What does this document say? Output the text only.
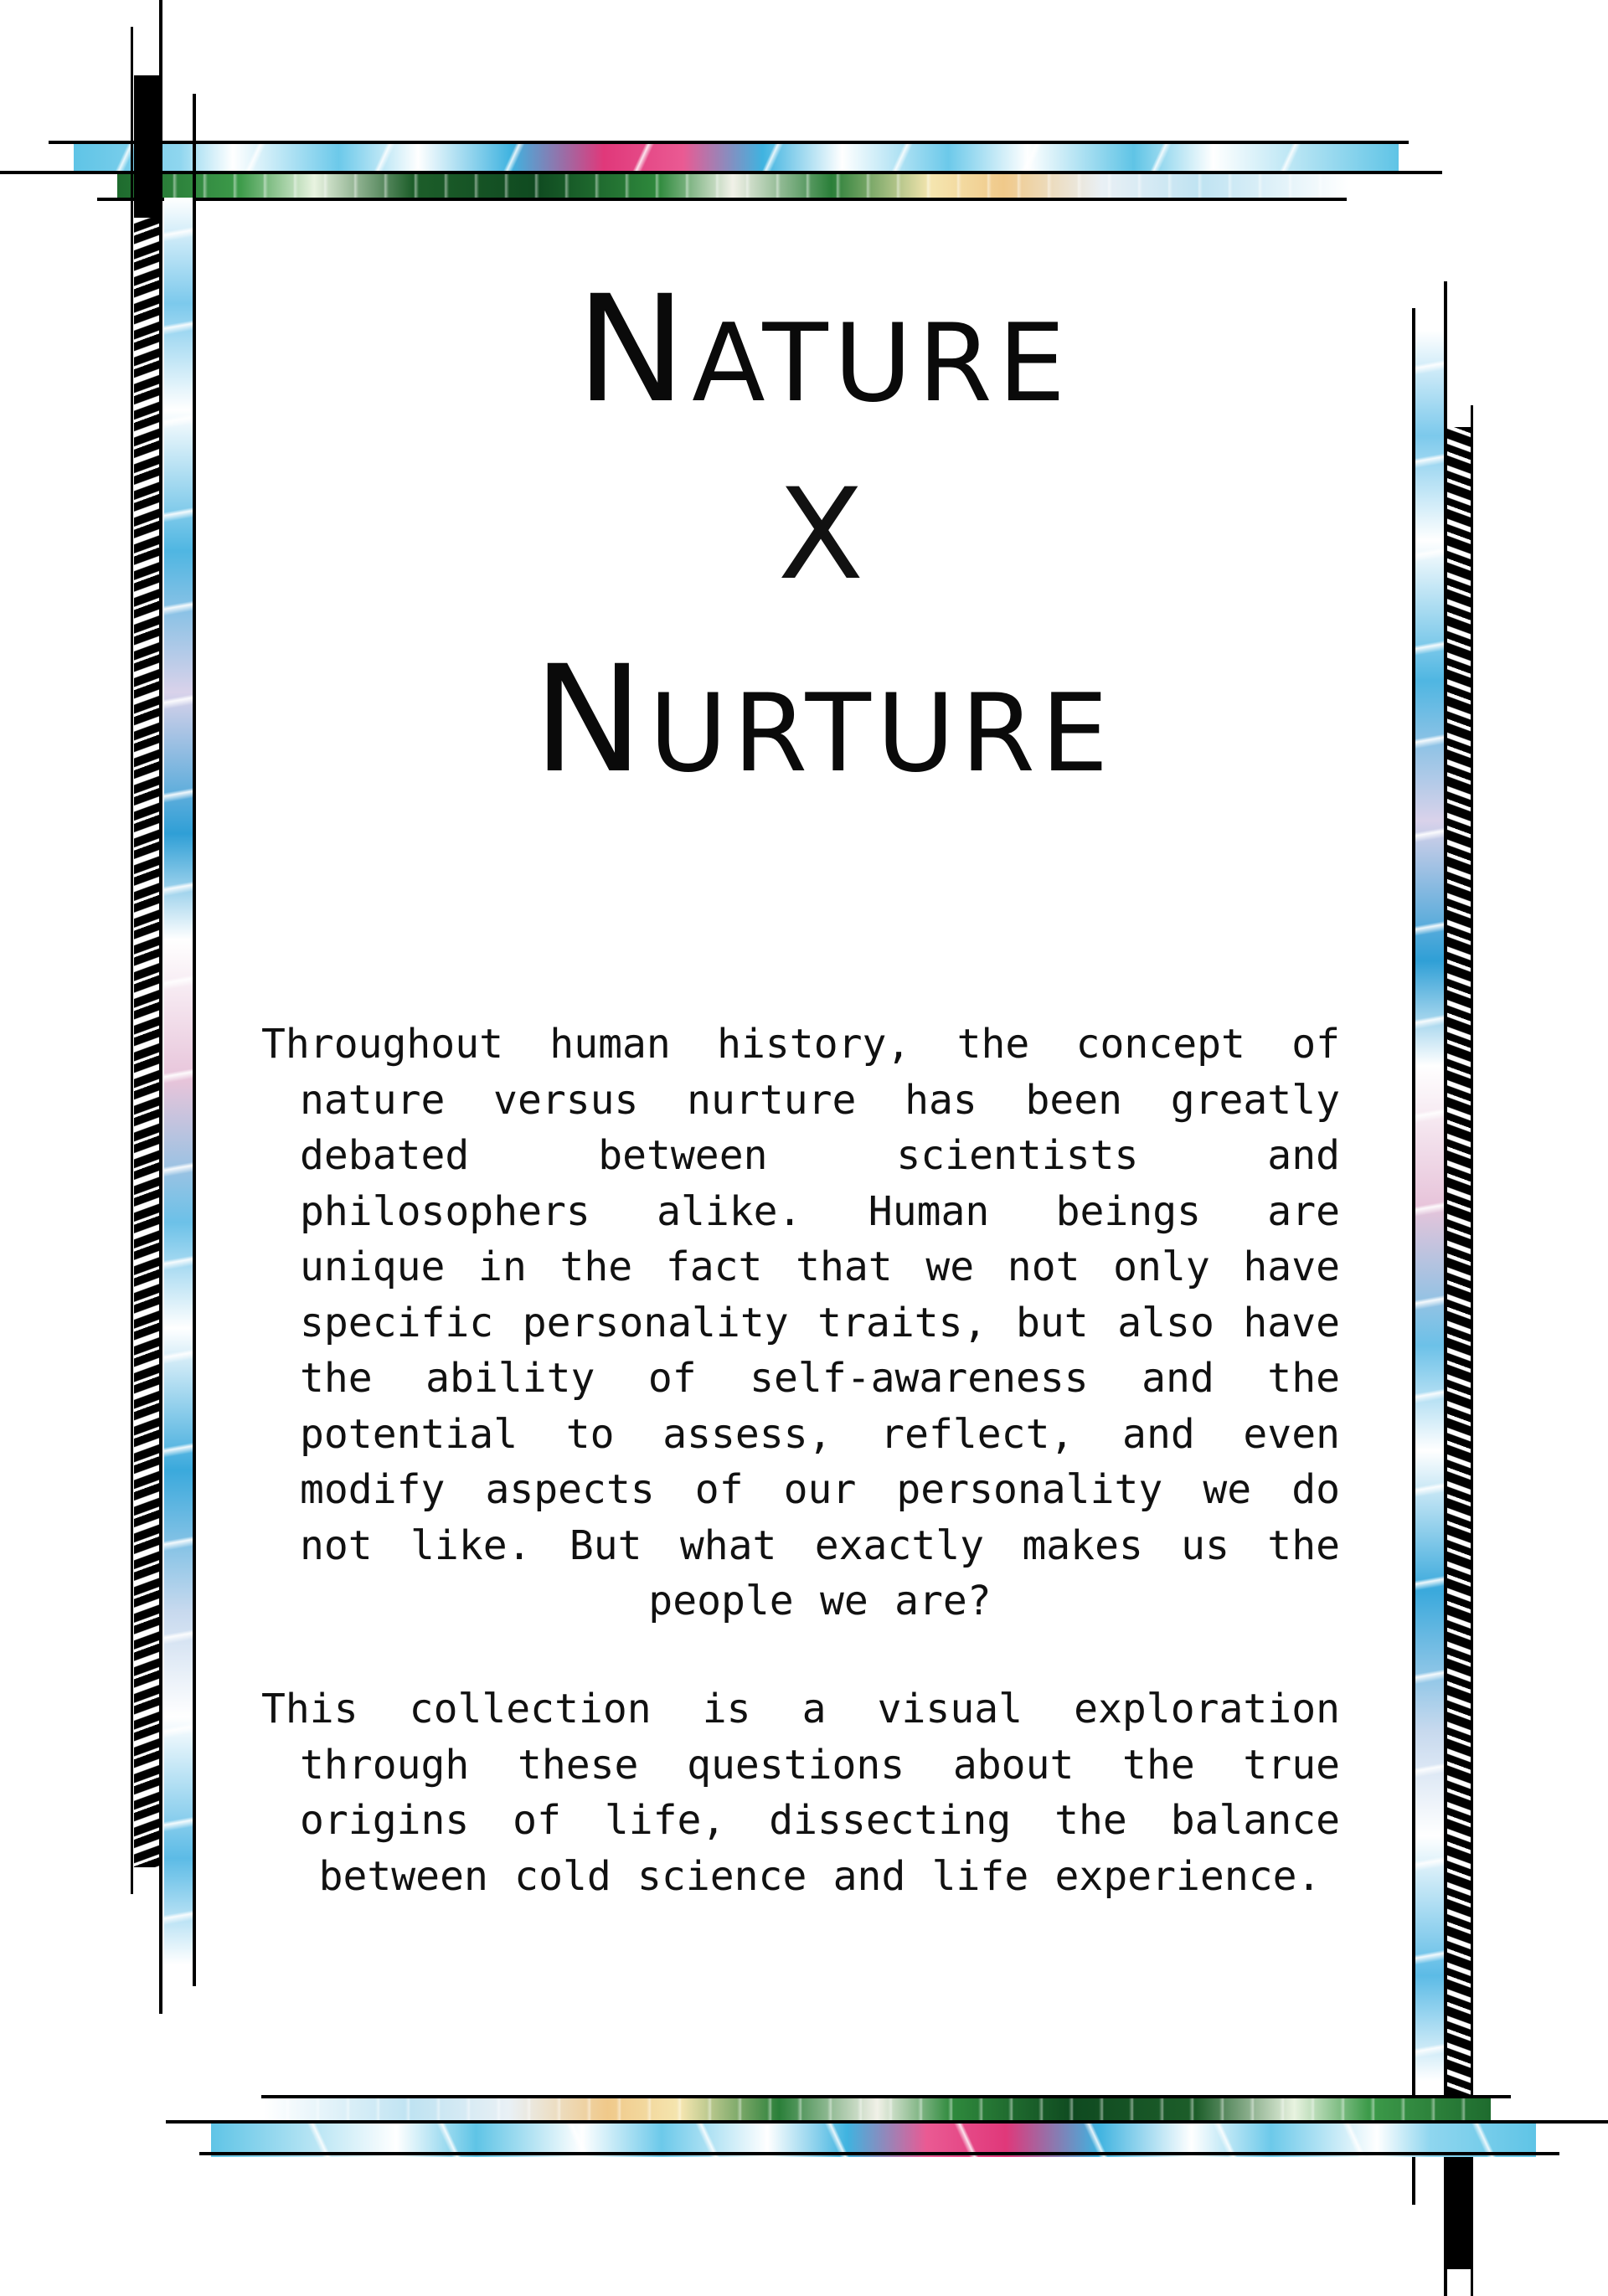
NATURE
X
NURTURE

Throughout human history, the concept of nature versus nurture has been greatly debated between scientists and philosophers alike. Human beings are unique in the fact that we not only have specific personality traits, but also have the ability of self-awareness and the potential to assess, reflect, and even modify aspects of our personality we do not like. But what exactly makes us the people we are?

This collection is a visual exploration through these questions about the true origins of life, dissecting the balance between cold science and life experience.
